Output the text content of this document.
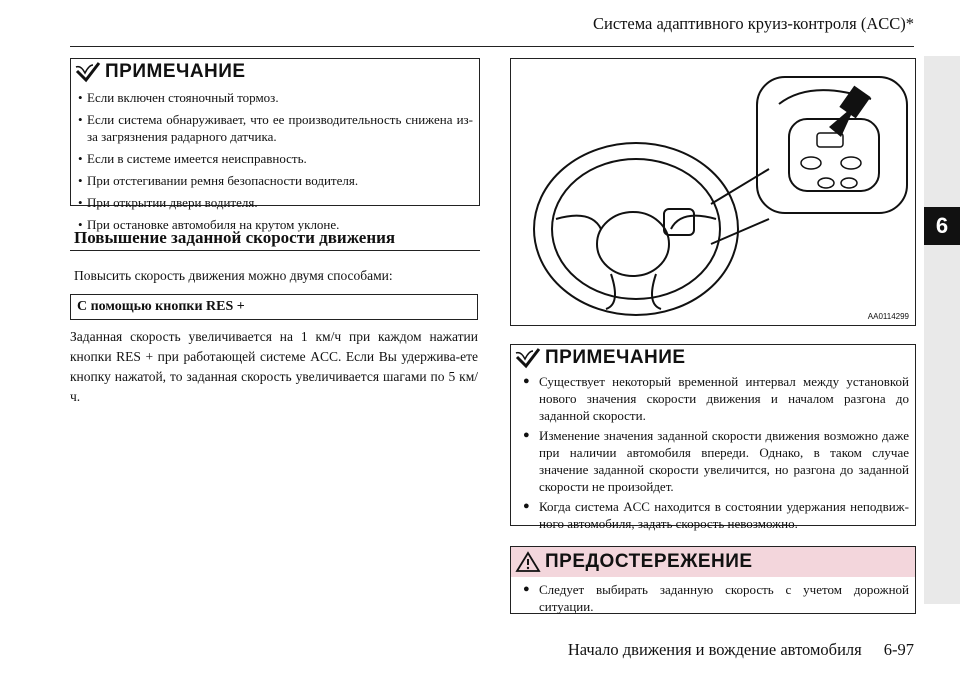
Система адаптивного круиз-контроля (ACC)*
6
ПРИМЕЧАНИЕ
• Если включен стояночный тормоз.
• Если система обнаруживает, что ее производительность снижена из-за загрязнения радарного датчика.
• Если в системе имеется неисправность.
• При отстегивании ремня безопасности водителя.
• При открытии двери водителя.
• При остановке автомобиля на крутом уклоне.
Повышение заданной скорости движения
Повысить скорость движения можно двумя способами:
С помощью кнопки RES +
Заданная скорость увеличивается на 1 км/ч при каждом нажатии кнопки RES + при работающей системе ACC. Если Вы удержива-ете кнопку нажатой, то заданная скорость увеличивается шагами по 5 км/ч.
AA0114299
ПРИМЕЧАНИЕ
● Существует некоторый временной интервал между установкой нового значения скорости движения и началом разгона до заданной скорости.
● Изменение значения заданной скорости движения возможно даже при наличии автомобиля впереди. Однако, в таком случае значение заданной скорости увеличится, но разгона до заданной скорости не произойдет.
● Когда система ACC находится в состоянии удержания неподвиж-ного автомобиля, задать скорость невозможно.
ПРЕДОСТЕРЕЖЕНИЕ
● Следует выбирать заданную скорость с учетом дорожной ситуации.
Начало движения и вождение автомобиля 6-97
